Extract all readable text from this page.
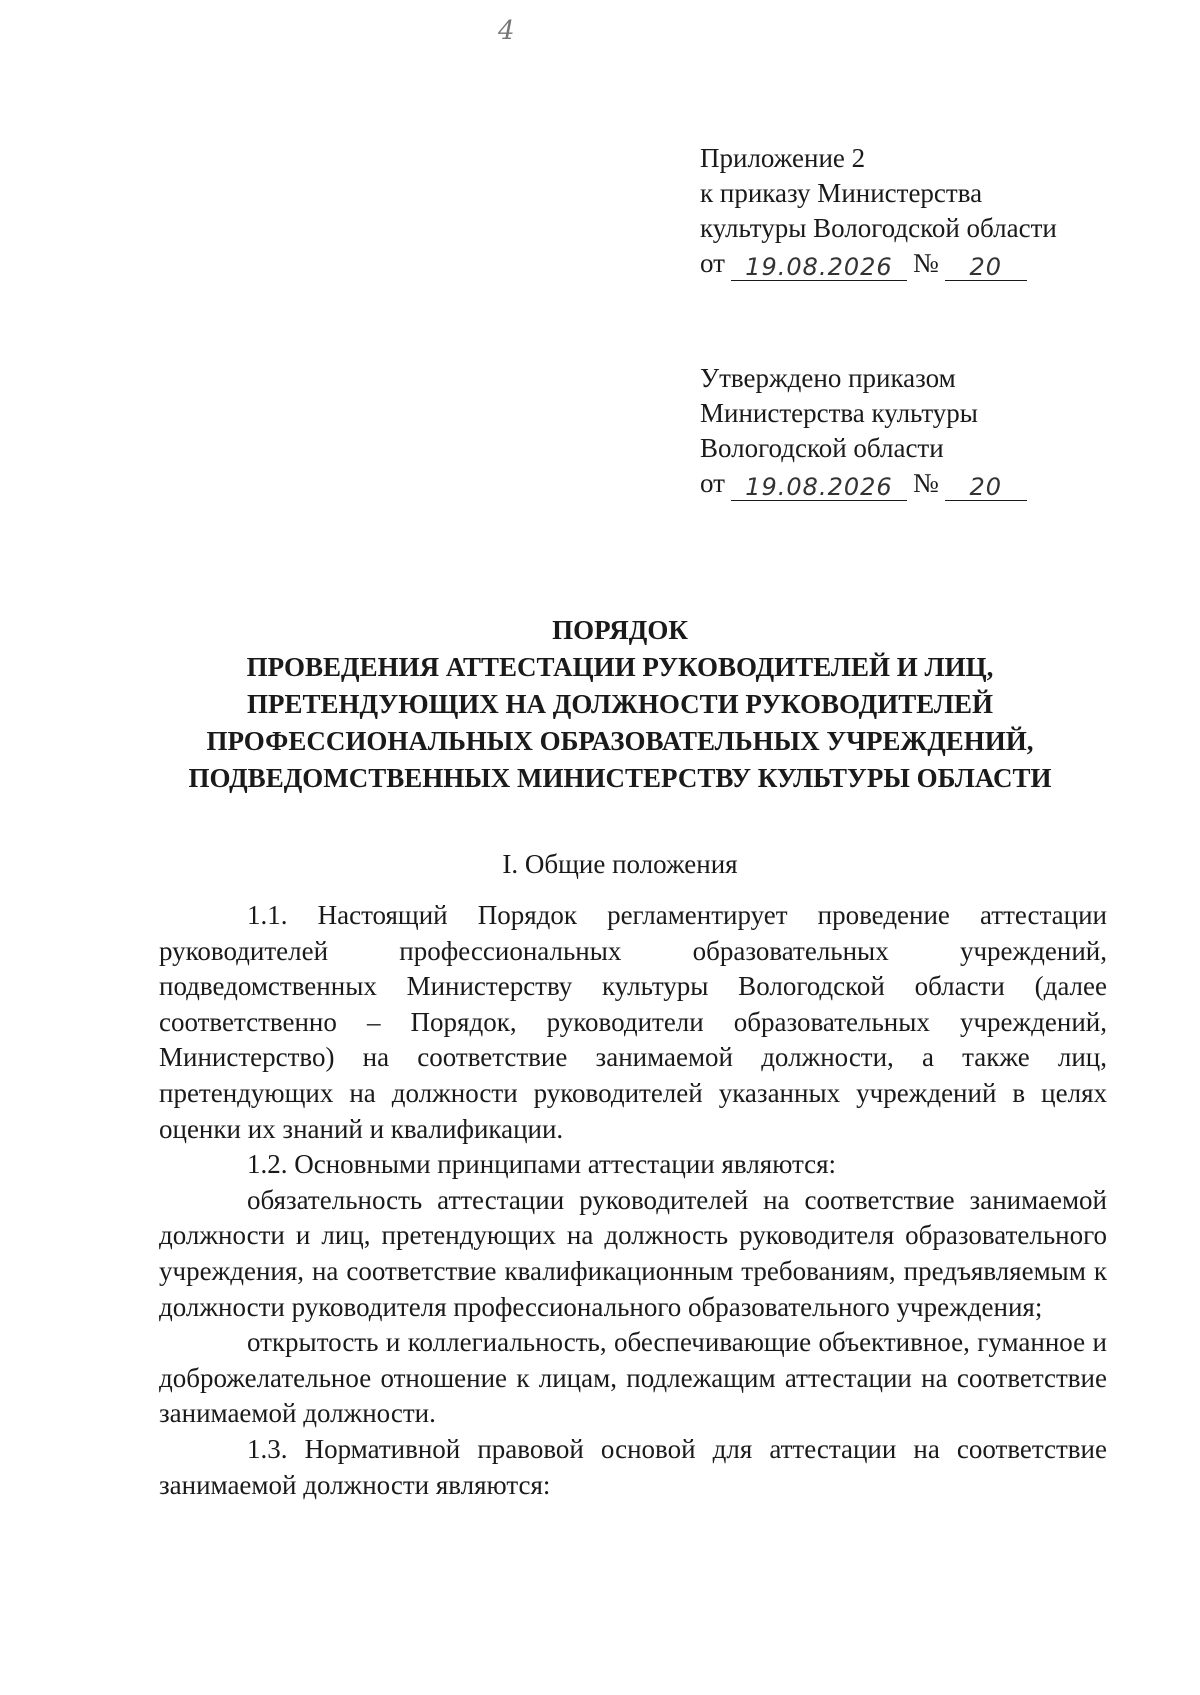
4
Приложение 2
к приказу Министерства
культуры Вологодской области
от 19.08.2026 № 20
Утверждено приказом
Министерства культуры
Вологодской области
от 19.08.2026 № 20
ПОРЯДОК
ПРОВЕДЕНИЯ АТТЕСТАЦИИ РУКОВОДИТЕЛЕЙ И ЛИЦ,
ПРЕТЕНДУЮЩИХ НА ДОЛЖНОСТИ РУКОВОДИТЕЛЕЙ
ПРОФЕССИОНАЛЬНЫХ ОБРАЗОВАТЕЛЬНЫХ УЧРЕЖДЕНИЙ,
ПОДВЕДОМСТВЕННЫХ МИНИСТЕРСТВУ КУЛЬТУРЫ ОБЛАСТИ
I. Общие положения

1.1. Настоящий Порядок регламентирует проведение аттестации руководителей профессиональных образовательных учреждений, подведомственных Министерству культуры Вологодской области (далее соответственно – Порядок, руководители образовательных учреждений, Министерство) на соответствие занимаемой должности, а также лиц, претендующих на должности руководителей указанных учреждений в целях оценки их знаний и квалификации.

1.2. Основными принципами аттестации являются:

обязательность аттестации руководителей на соответствие занимаемой должности и лиц, претендующих на должность руководителя образовательного учреждения, на соответствие квалификационным требованиям, предъявляемым к должности руководителя профессионального образовательного учреждения;

открытость и коллегиальность, обеспечивающие объективное, гуманное и доброжелательное отношение к лицам, подлежащим аттестации на соответствие занимаемой должности.

1.3. Нормативной правовой основой для аттестации на соответствие занимаемой должности являются:
